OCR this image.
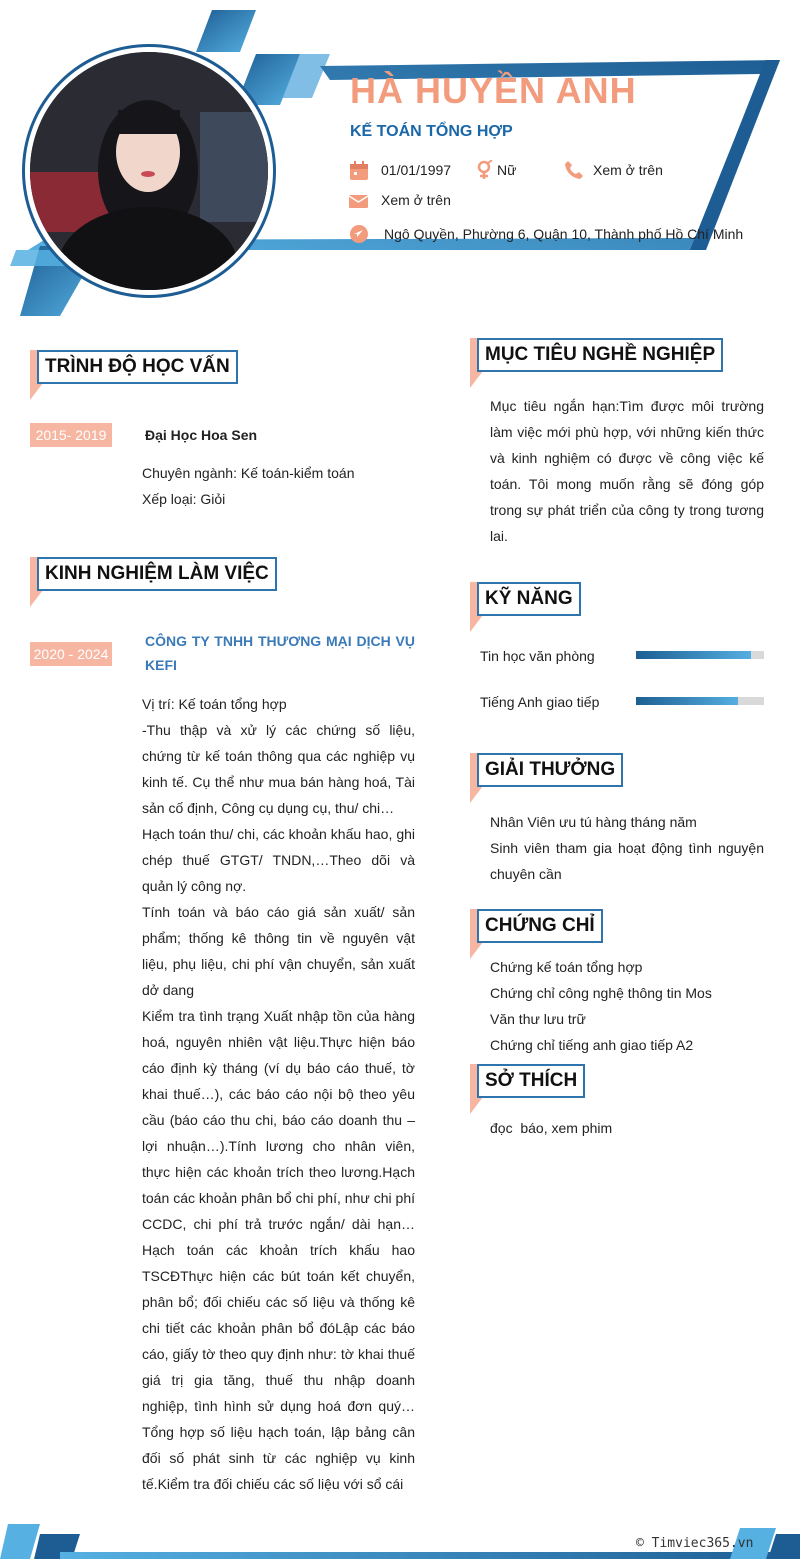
HÀ HUYỀN ANH
KẾ TOÁN TỔNG HỢP
01/01/1997	Nữ	Xem ở trên
Xem ở trên
Ngô Quyền, Phường 6, Quận 10, Thành phố Hồ Chí Minh
TRÌNH ĐỘ HỌC VẤN
2015- 2019	Đại Học Hoa Sen
Chuyên ngành: Kế toán-kiểm toán
Xếp loại: Giỏi
KINH NGHIỆM LÀM VIỆC
2020 - 2024
CÔNG TY TNHH THƯƠNG MẠI DỊCH VỤ KEFI
Vị trí: Kế toán tổng hợp
-Thu thập và xử lý các chứng số liệu, chứng từ kế toán thông qua các nghiệp vụ kinh tế. Cụ thể như mua bán hàng hoá, Tài sản cố định, Công cụ dụng cụ, thu/ chi…
Hạch toán thu/ chi, các khoản khấu hao, ghi chép thuế GTGT/ TNDN,…Theo dõi và quản lý công nợ.
Tính toán và báo cáo giá sản xuất/ sản phẩm; thống kê thông tin về nguyên vật liệu, phụ liệu, chi phí vận chuyển, sản xuất dở dang
Kiểm tra tình trạng Xuất nhập tồn của hàng hoá, nguyên nhiên vật liệu.Thực hiện báo cáo định kỳ tháng (ví dụ báo cáo thuế, tờ khai thuế…), các báo cáo nội bộ theo yêu cầu (báo cáo thu chi, báo cáo doanh thu – lợi nhuận…).Tính lương cho nhân viên, thực hiện các khoản trích theo lương.Hạch toán các khoản phân bổ chi phí, như chi phí CCDC, chi phí trả trước ngắn/ dài hạn… Hạch toán các khoản trích khấu hao TSCĐThực hiện các bút toán kết chuyển, phân bổ; đối chiếu các số liệu và thống kê chi tiết các khoản phân bổ đóLập các báo cáo, giấy tờ theo quy định như: tờ khai thuế giá trị gia tăng, thuế thu nhập doanh nghiệp, tình hình sử dụng hoá đơn quý… Tổng hợp số liệu hạch toán, lập bảng cân đối số phát sinh từ các nghiệp vụ kinh tế.Kiểm tra đối chiếu các số liệu với sổ cái
MỤC TIÊU NGHỀ NGHIỆP
Mục tiêu ngắn hạn:Tìm được môi trường làm việc mới phù hợp, với những kiến thức và kinh nghiệm có được về công việc kế toán. Tôi mong muốn rằng sẽ đóng góp trong sự phát triển của công ty trong tương lai.
KỸ NĂNG
Tin học văn phòng
Tiếng Anh giao tiếp
GIẢI THƯỞNG
Nhân Viên ưu tú hàng tháng năm
Sinh viên tham gia hoạt động tình nguyện chuyên cần
CHỨNG CHỈ
Chứng kế toán tổng hợp
Chứng chỉ công nghệ thông tin Mos
Văn thư lưu trữ
Chứng chỉ tiếng anh giao tiếp A2
SỞ THÍCH
đọc  báo, xem phim
© Timviec365.vn
